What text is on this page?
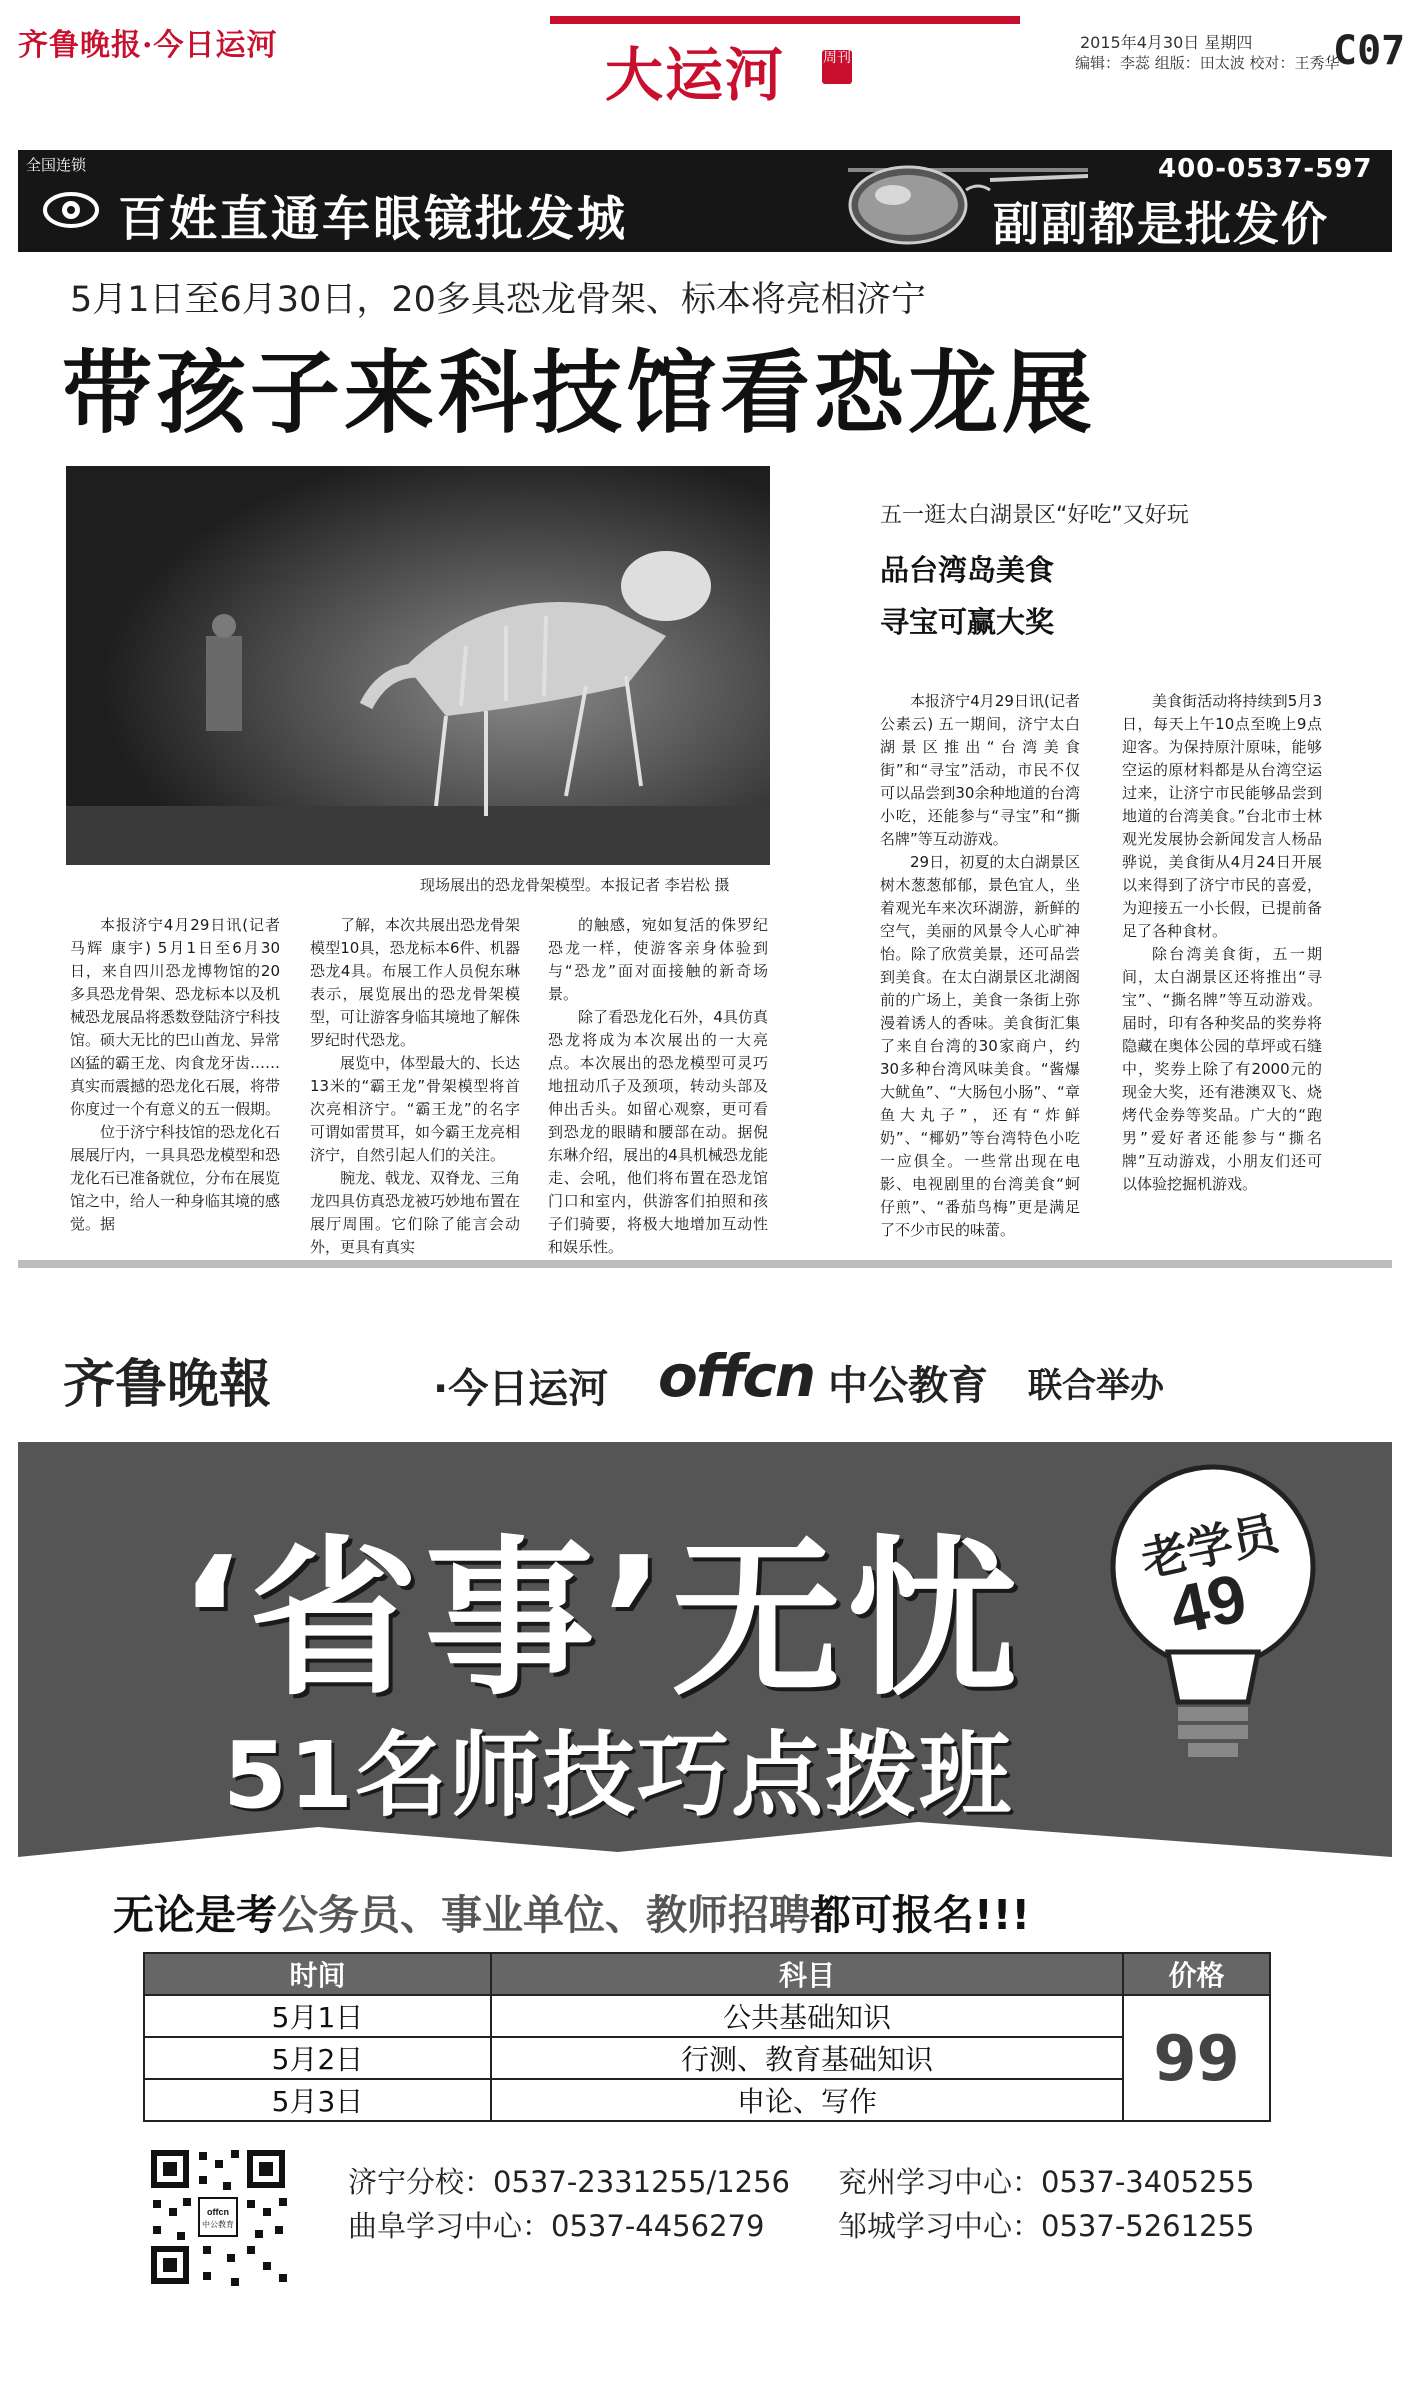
齐鲁晚报·今日运河	大运河	周刊
2015年4月30日 星期四
编辑：李蕊 组版：田太波 校对：王秀华
C07
全国连锁
百姓直通车眼镜批发城
400-0537-597
副副都是批发价
5月1日至6月30日，20多具恐龙骨架、标本将亮相济宁
带孩子来科技馆看恐龙展
现场展出的恐龙骨架模型。本报记者 李岩松 摄

本报济宁4月29日讯(记者 马辉 康宇) 5月1日至6月30日，来自四川恐龙博物馆的20多具恐龙骨架、恐龙标本以及机械恐龙展品将悉数登陆济宁科技馆。硕大无比的巴山酋龙、异常凶猛的霸王龙、肉食龙牙齿……真实而震撼的恐龙化石展，将带你度过一个有意义的五一假期。

位于济宁科技馆的恐龙化石展展厅内，一具具恐龙模型和恐龙化石已准备就位，分布在展览馆之中，给人一种身临其境的感觉。据

了解，本次共展出恐龙骨架模型10具，恐龙标本6件、机器恐龙4具。布展工作人员倪东琳表示，展览展出的恐龙骨架模型，可让游客身临其境地了解侏罗纪时代恐龙。

展览中，体型最大的、长达13米的“霸王龙”骨架模型将首次亮相济宁。“霸王龙”的名字可谓如雷贯耳，如今霸王龙亮相济宁，自然引起人们的关注。

腕龙、戟龙、双脊龙、三角龙四具仿真恐龙被巧妙地布置在展厅周围。它们除了能言会动外，更具有真实

的触感，宛如复活的侏罗纪恐龙一样，使游客亲身体验到与“恐龙”面对面接触的新奇场景。

除了看恐龙化石外，4具仿真恐龙将成为本次展出的一大亮点。本次展出的恐龙模型可灵巧地扭动爪子及颈项，转动头部及伸出舌头。如留心观察，更可看到恐龙的眼睛和腰部在动。据倪东琳介绍，展出的4具机械恐龙能走、会吼，他们将布置在恐龙馆门口和室内，供游客们拍照和孩子们骑要，将极大地增加互动性和娱乐性。

五一逛太白湖景区“好吃”又好玩
品台湾岛美食
寻宝可赢大奖

本报济宁4月29日讯(记者 公素云) 五一期间，济宁太白湖景区推出“台湾美食街”和“寻宝”活动，市民不仅可以品尝到30余种地道的台湾小吃，还能参与“寻宝”和“撕名牌”等互动游戏。

29日，初夏的太白湖景区树木葱葱郁郁，景色宜人，坐着观光车来次环湖游，新鲜的空气，美丽的风景令人心旷神怡。除了欣赏美景，还可品尝到美食。在太白湖景区北湖阁前的广场上，美食一条街上弥漫着诱人的香味。美食街汇集了来自台湾的30家商户，约30多种台湾风味美食。“酱爆大鱿鱼”、“大肠包小肠”、“章鱼大丸子”，还有“炸鲜奶”、“椰奶”等台湾特色小吃一应俱全。一些常出现在电影、电视剧里的台湾美食“蚵仔煎”、“番茄鸟梅”更是满足了不少市民的味蕾。

美食街活动将持续到5月3日，每天上午10点至晚上9点迎客。为保持原汁原味，能够空运的原材料都是从台湾空运过来，让济宁市民能够品尝到地道的台湾美食。”台北市士林观光发展协会新闻发言人杨品骅说，美食街从4月24日开展以来得到了济宁市民的喜爱，为迎接五一小长假，已提前备足了各种食材。

除台湾美食街，五一期间，太白湖景区还将推出“寻宝”、“撕名牌”等互动游戏。届时，印有各种奖品的奖券将隐藏在奥体公园的草坪或石缝中，奖券上除了有2000元的现金大奖，还有港澳双飞、烧烤代金券等奖品。广大的“跑男”爱好者还能参与“撕名牌”互动游戏，小朋友们还可以体验挖掘机游戏。

齐鲁晚報	·今日运河 offcn 中公教育 联合举办
‘省事’无忧
51名师技巧点拨班
老学员
49
无论是考公务员、事业单位、教师招聘都可报名!!!
时间	科目	价格
5月1日	公共基础知识	99
5月2日	行测、教育基础知识	
5月3日	申论、写作	
offcn
中公教育
济宁分校：0537-2331255/1256 兖州学习中心：0537-3405255
曲阜学习中心：0537-4456279	邹城学习中心：0537-5261255
